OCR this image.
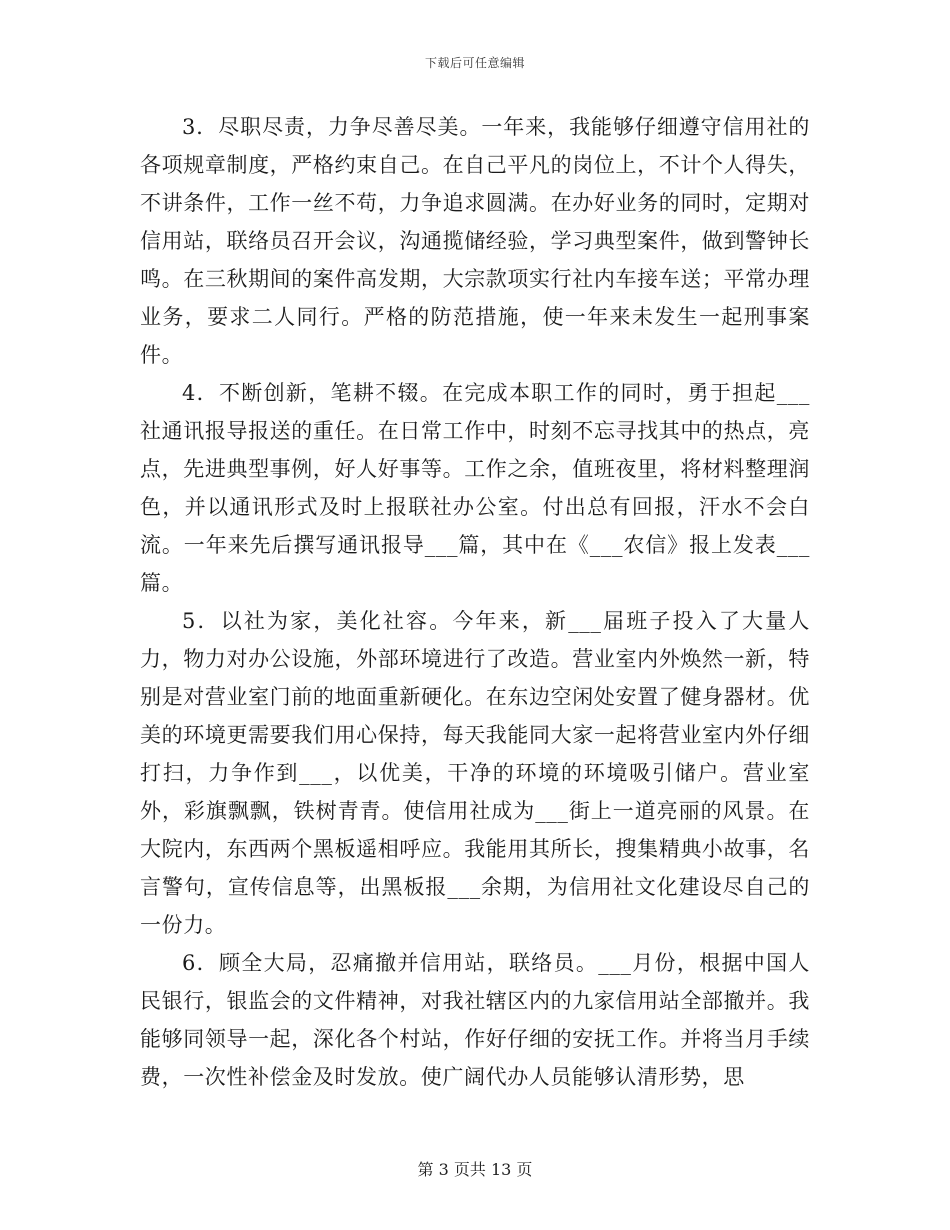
下载后可任意编辑

3．尽职尽责，力争尽善尽美。一年来，我能够仔细遵守信用社的各项规章制度，严格约束自己。在自己平凡的岗位上，不计个人得失，不讲条件，工作一丝不苟，力争追求圆满。在办好业务的同时，定期对信用站，联络员召开会议，沟通揽储经验，学习典型案件，做到警钟长鸣。在三秋期间的案件高发期，大宗款项实行社内车接车送；平常办理业务，要求二人同行。严格的防范措施，使一年来未发生一起刑事案件。

4．不断创新，笔耕不辍。在完成本职工作的同时，勇于担起___社通讯报导报送的重任。在日常工作中，时刻不忘寻找其中的热点，亮点，先进典型事例，好人好事等。工作之余，值班夜里，将材料整理润色，并以通讯形式及时上报联社办公室。付出总有回报，汗水不会白流。一年来先后撰写通讯报导___篇，其中在《___农信》报上发表___篇。

5．以社为家，美化社容。今年来，新___届班子投入了大量人力，物力对办公设施，外部环境进行了改造。营业室内外焕然一新，特别是对营业室门前的地面重新硬化。在东边空闲处安置了健身器材。优美的环境更需要我们用心保持，每天我能同大家一起将营业室内外仔细打扫，力争作到___，以优美，干净的环境的环境吸引储户。营业室外，彩旗飘飘，铁树青青。使信用社成为___街上一道亮丽的风景。在大院内，东西两个黑板遥相呼应。我能用其所长，搜集精典小故事，名言警句，宣传信息等，出黑板报___余期，为信用社文化建设尽自己的一份力。

6．顾全大局，忍痛撤并信用站，联络员。___月份，根据中国人民银行，银监会的文件精神，对我社辖区内的九家信用站全部撤并。我能够同领导一起，深化各个村站，作好仔细的安抚工作。并将当月手续费，一次性补偿金及时发放。使广阔代办人员能够认清形势，思

第 3 页共 13 页
